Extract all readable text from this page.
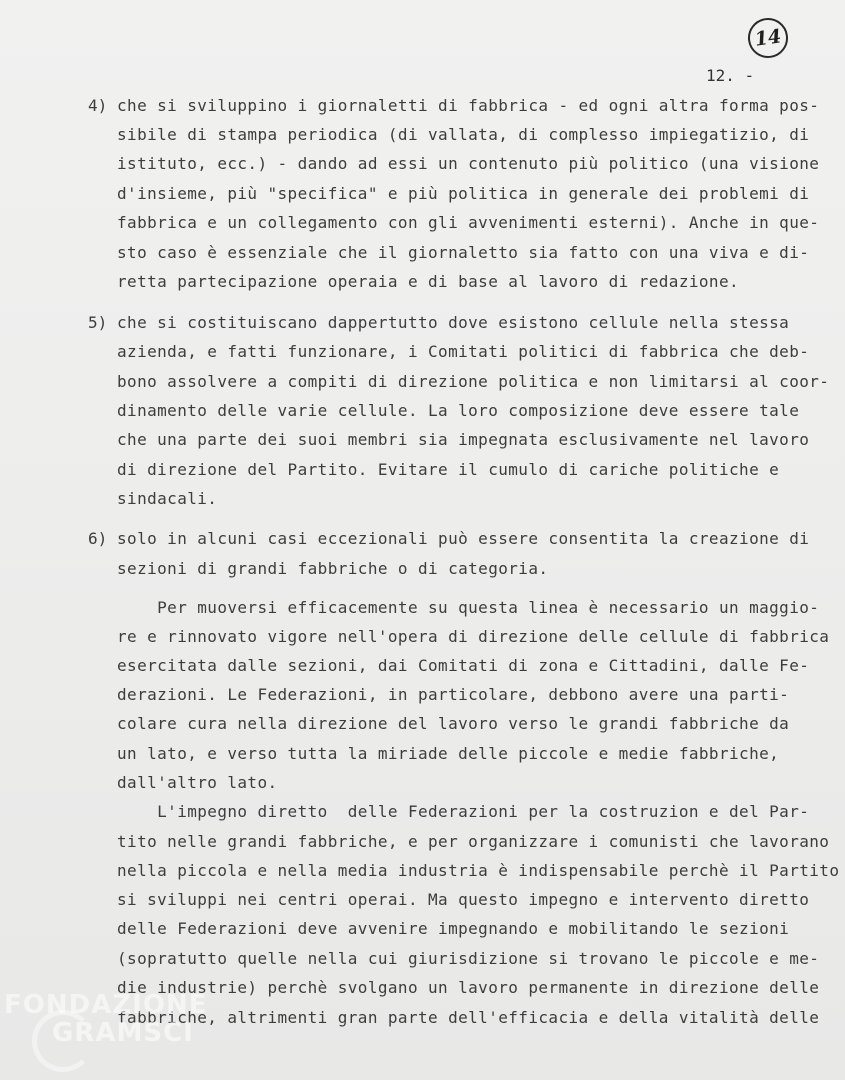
14
12. -
4) che si sviluppino i giornaletti di fabbrica - ed ogni altra forma pos-
sibile di stampa periodica (di vallata, di complesso impiegatizio, di
istituto, ecc.) - dando ad essi un contenuto più politico (una visione
d'insieme, più "specifica" e più politica in generale dei problemi di
fabbrica e un collegamento con gli avvenimenti esterni). Anche in que-
sto caso è essenziale che il giornaletto sia fatto con una viva e di-
retta partecipazione operaia e di base al lavoro di redazione.
5) che si costituiscano dappertutto dove esistono cellule nella stessa
azienda, e fatti funzionare, i Comitati politici di fabbrica che deb-
bono assolvere a compiti di direzione politica e non limitarsi al coor-
dinamento delle varie cellule. La loro composizione deve essere tale
che una parte dei suoi membri sia impegnata esclusivamente nel lavoro
di direzione del Partito. Evitare il cumulo di cariche politiche e
sindacali.
6) solo in alcuni casi eccezionali può essere consentita la creazione di
sezioni di grandi fabbriche o di categoria.
Per muoversi efficacemente su questa linea è necessario un maggio-
re e rinnovato vigore nell'opera di direzione delle cellule di fabbrica
esercitata dalle sezioni, dai Comitati di zona e Cittadini, dalle Fe-
derazioni. Le Federazioni, in particolare, debbono avere una parti-
colare cura nella direzione del lavoro verso le grandi fabbriche da
un lato, e verso tutta la miriade delle piccole e medie fabbriche,
dall'altro lato.
L'impegno diretto  delle Federazioni per la costruzion e del Par-
tito nelle grandi fabbriche, e per organizzare i comunisti che lavorano
nella piccola e nella media industria è indispensabile perchè il Partito
si sviluppi nei centri operai. Ma questo impegno e intervento diretto
delle Federazioni deve avvenire impegnando e mobilitando le sezioni
(sopratutto quelle nella cui giurisdizione si trovano le piccole e me-
die industrie) perchè svolgano un lavoro permanente in direzione delle
fabbriche, altrimenti gran parte dell'efficacia e della vitalità delle
FONDAZIONE
GRAMSCI
